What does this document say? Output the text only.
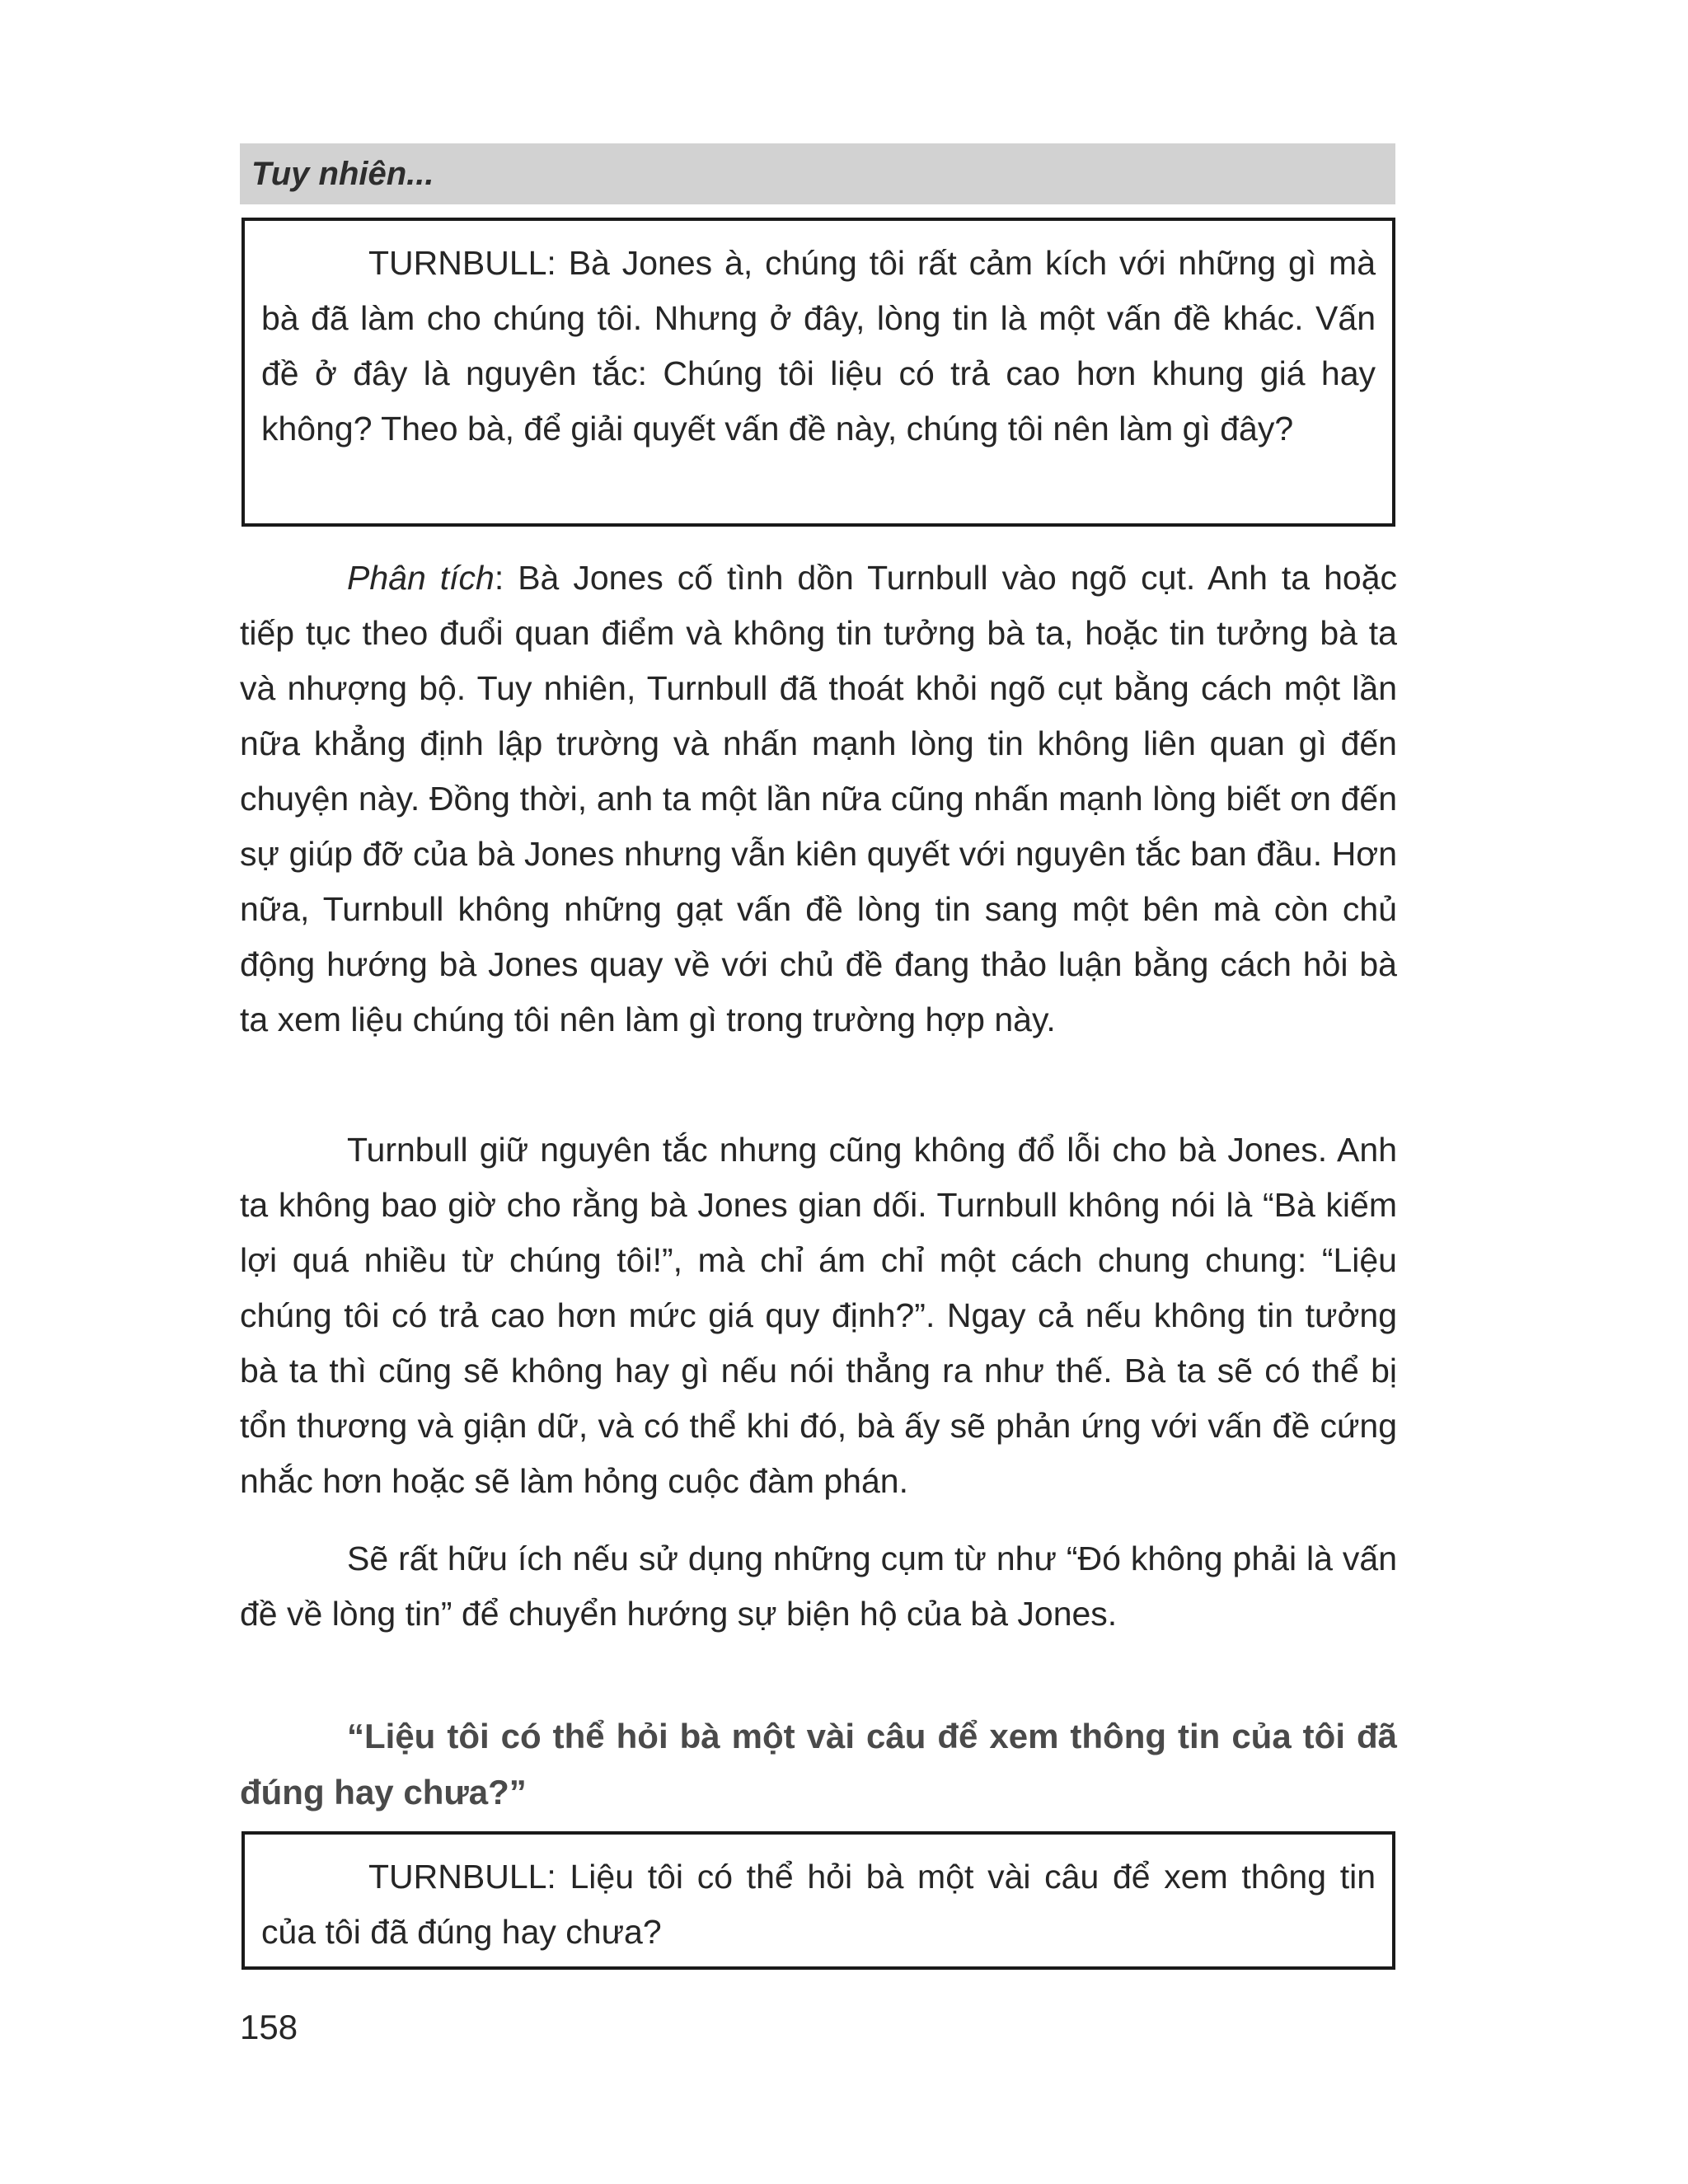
Tuy nhiên...

TURNBULL: Bà Jones à, chúng tôi rất cảm kích với những gì mà bà đã làm cho chúng tôi. Nhưng ở đây, lòng tin là một vấn đề khác. Vấn đề ở đây là nguyên tắc: Chúng tôi liệu có trả cao hơn khung giá hay không? Theo bà, để giải quyết vấn đề này, chúng tôi nên làm gì đây?

Phân tích: Bà Jones cố tình dồn Turnbull vào ngõ cụt. Anh ta hoặc tiếp tục theo đuổi quan điểm và không tin tưởng bà ta, hoặc tin tưởng bà ta và nhượng bộ. Tuy nhiên, Turnbull đã thoát khỏi ngõ cụt bằng cách một lần nữa khẳng định lập trường và nhấn mạnh lòng tin không liên quan gì đến chuyện này. Đồng thời, anh ta một lần nữa cũng nhấn mạnh lòng biết ơn đến sự giúp đỡ của bà Jones nhưng vẫn kiên quyết với nguyên tắc ban đầu. Hơn nữa, Turnbull không những gạt vấn đề lòng tin sang một bên mà còn chủ động hướng bà Jones quay về với chủ đề đang thảo luận bằng cách hỏi bà ta xem liệu chúng tôi nên làm gì trong trường hợp này.

Turnbull giữ nguyên tắc nhưng cũng không đổ lỗi cho bà Jones. Anh ta không bao giờ cho rằng bà Jones gian dối. Turnbull không nói là “Bà kiếm lợi quá nhiều từ chúng tôi!”, mà chỉ ám chỉ một cách chung chung: “Liệu chúng tôi có trả cao hơn mức giá quy định?”. Ngay cả nếu không tin tưởng bà ta thì cũng sẽ không hay gì nếu nói thẳng ra như thế. Bà ta sẽ có thể bị tổn thương và giận dữ, và có thể khi đó, bà ấy sẽ phản ứng với vấn đề cứng nhắc hơn hoặc sẽ làm hỏng cuộc đàm phán.

Sẽ rất hữu ích nếu sử dụng những cụm từ như “Đó không phải là vấn đề về lòng tin” để chuyển hướng sự biện hộ của bà Jones.

“Liệu tôi có thể hỏi bà một vài câu để xem thông tin của tôi đã đúng hay chưa?”

TURNBULL: Liệu tôi có thể hỏi bà một vài câu để xem thông tin của tôi đã đúng hay chưa?

158
